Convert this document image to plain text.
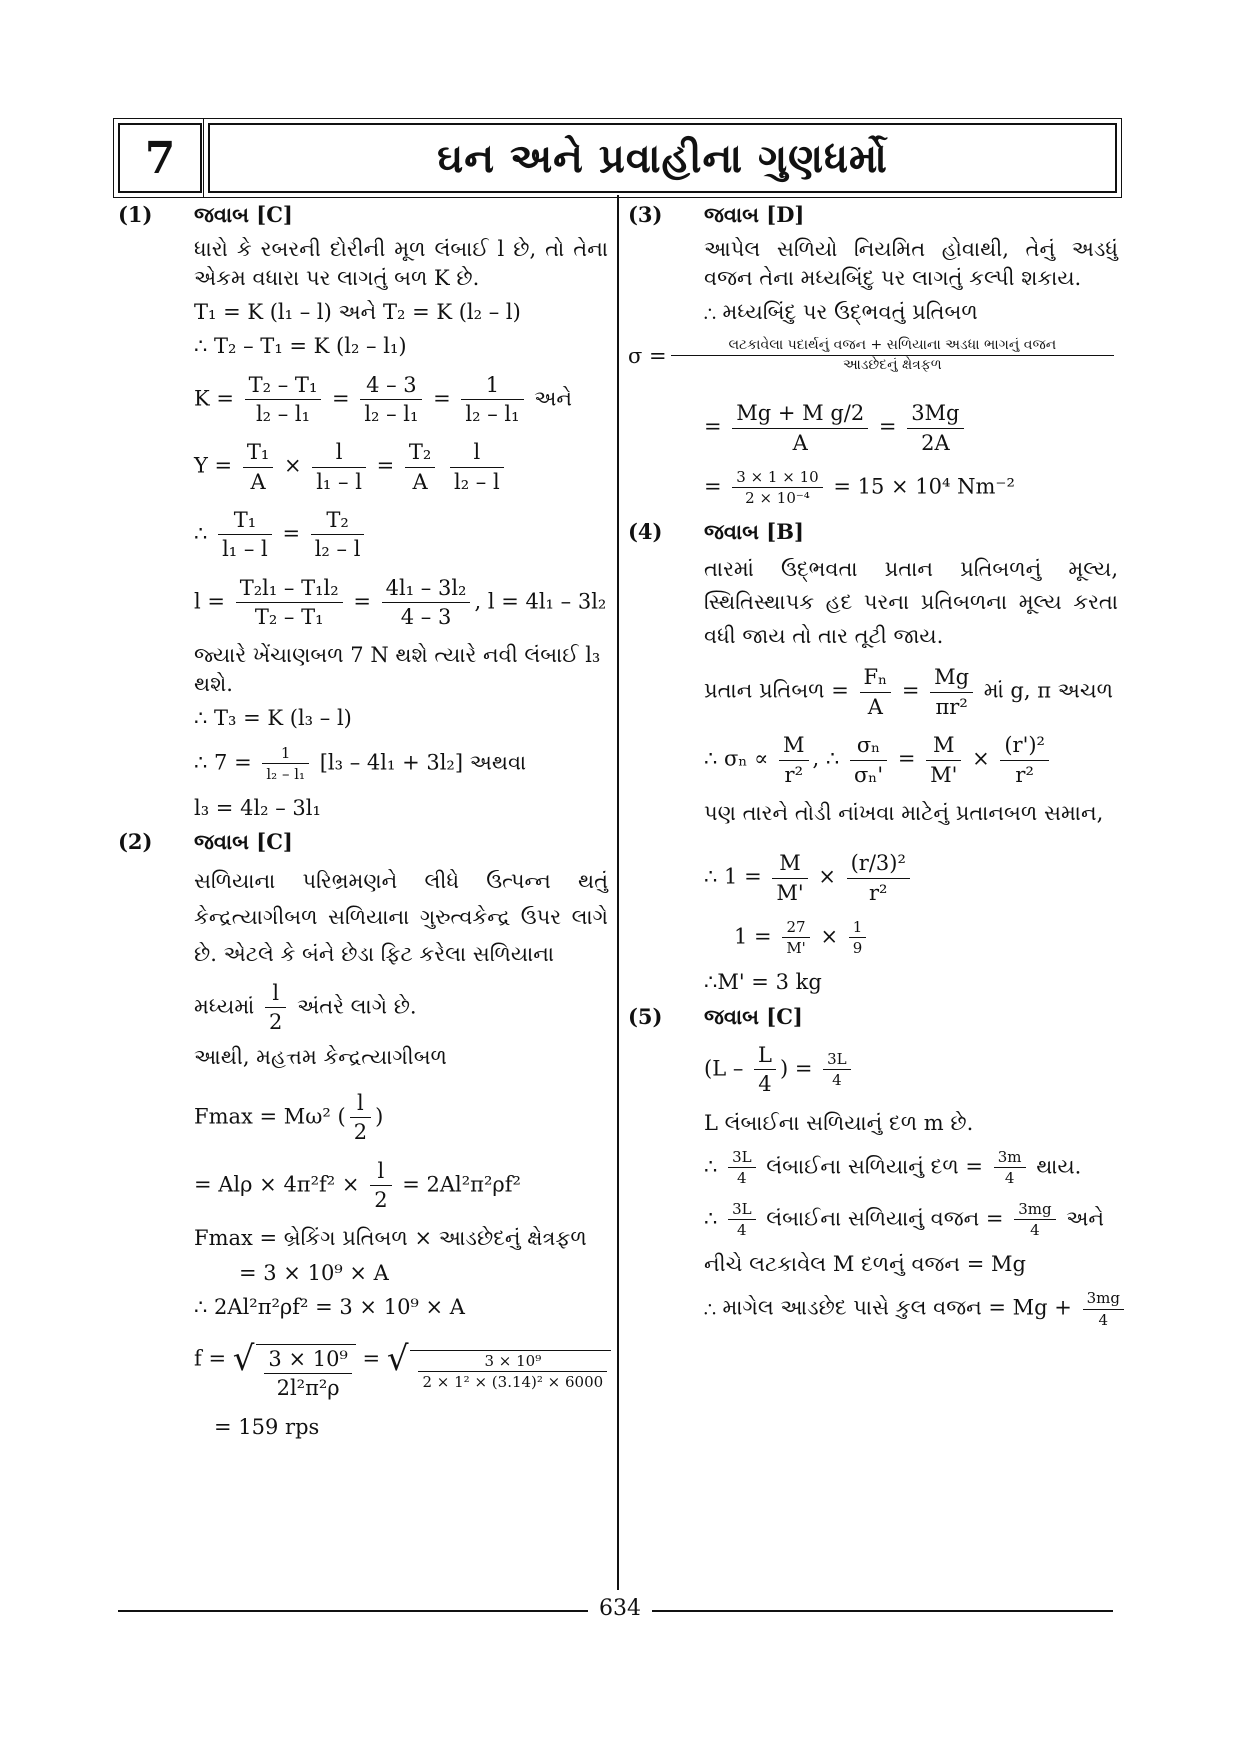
7	ઘન અને પ્રવાહીના ગુણધર્મો
(1)	જવાબ [C]

ધારો કે રબરની દોરીની મૂળ લંબાઈ l છે, તો તેના એકમ વધારા પર લાગતું બળ K છે.

T₁ = K (l₁ – l) અને T₂ = K (l₂ – l)

∴ T₂ – T₁ = K (l₂ – l₁)

$K = \frac{\text{T₂ – T₁}}{\text{l₂ – l₁}} = \frac{4 - 3}{\text{l₂ – l₁}} = \frac{1}{\text{l₂ – l₁}}$ અને
$Y = \frac{\text{T₁}}{A} \times \frac{l}{\text{l₁ – l}} = \frac{\text{T₂}}{A}$
$\frac{l}{\text{l₂ – l}}$
∴ $\frac{\text{T₁}}{\text{l₁ – l}} = \frac{\text{T₂}}{\text{l₂ – l}}$
$l = \frac{\text{T₂l₁ – T₁l₂}}{\text{T₂ – T₁}} = \frac{\text{4l₁ – 3l₂}}{4 - 3}$ , l = 4l₁ – 3l₂

જ્યારે ખેંચાણબળ 7 N થશે ત્યારે નવી લંબાઈ l₃ થશે.

∴ T₃ = K (l₃ – l)

∴ $7 = \frac{1}{\text{l₂ – l₁}} [l_3 - 4l_1 + 3l_2]$ અથવા

l₃ = 4l₂ – 3l₁

(2)	જવાબ [C]

સળિયાના પરિભ્રમણને લીધે ઉત્પન્ન થતું કેન્દ્રત્યાગીબળ સળિયાના ગુરુત્વકેન્દ્ર ઉપર લાગે છે. એટલે કે બંને છેડા ફિટ કરેલા સળિયાના

મધ્યમાં $\frac{l}{2}$ અંતરે લાગે છે.

આથી, મહત્તમ કેન્દ્રત્યાગીબળ

Fmax = Mω² ( $\frac{l}{2}$ )
= $Al\rho \times 4\pi^2f^2 \times \frac{l}{2} = 2Al^2\pi^2\rho f^2$

Fmax = બ્રેકિંગ પ્રતિબળ × આડછેદનું ક્ષેત્રફળ

= 3 × 10⁹ × A

∴ 2Al²π²ρf² = 3 × 10⁹ × A

f = √ $\frac{\text{3 × 10⁹}}{\text{2l²π²ρ}}$ = √ $\frac{\text{3 × 10⁹}}{\text{2 × 1² × (3.14)² × 6000}}$

= 159 rps

(3)	જવાબ [D]

આપેલ સળિયો નિયમિત હોવાથી, તેનું અડધું વજન તેના મધ્યબિંદુ પર લાગતું કલ્પી શકાય.

∴ મધ્યબિંદુ પર ઉદ્‌ભવતું પ્રતિબળ

$\sigma = \frac{\text{લટકાવેલા પદાર્થનું વજન + સળિયાના અડધા ભાગનું વજન}}{\text{આડછેદનું ક્ષેત્રફળ}}$
= $\frac{\text{Mg + M g/2}}{A} = \frac{3Mg}{2A}$
= $\frac{3 \times 1 \times 10}{\text{2 × 10⁻⁴}} = 15 \times 10^4$ Nm⁻²
(4)	જવાબ [B]

તારમાં ઉદ્‌ભવતા પ્રતાન પ્રતિબળનું મૂલ્ય, સ્થિતિસ્થાપક હદ પરના પ્રતિબળના મૂલ્ય કરતા વધી જાય તો તાર તૂટી જાય.

પ્રતાન પ્રતિબળ = $\frac{\text{Fₙ}}{A} = \frac{Mg}{\text{πr²}}$ માં g, π અચળ
∴ $\sigma_n \propto \frac{M}{\text{r²}}$ , ∴ $\frac{\text{σₙ}}{\text{σₙ'}} = \frac{M}{M'} \times \frac{\text{(r')²}}{\text{r²}}$

પણ તારને તોડી નાંખવા માટેનું પ્રતાનબળ સમાન,

∴ $1 = \frac{M}{M'} \times \frac{\text{(r/3)²}}{\text{r²}}$
$1 = \frac{27}{M'} \times \frac{1}{9}$

∴M' = 3 kg

(5)	જવાબ [C]
($L - \frac{L}{4}$ ) = $\frac{3L}{4}$

L લંબાઈના સળિયાનું દળ m છે.

∴ $\frac{3L}{4}$ લંબાઈના સળિયાનું દળ = $\frac{3m}{4}$ થાય.
∴ $\frac{3L}{4}$ લંબાઈના સળિયાનું વજન = $\frac{3mg}{4}$ અને

નીચે લટકાવેલ M દળનું વજન = Mg

∴ માગેલ આડછેદ પાસે કુલ વજન = $Mg + \frac{3mg}{4}$
634
